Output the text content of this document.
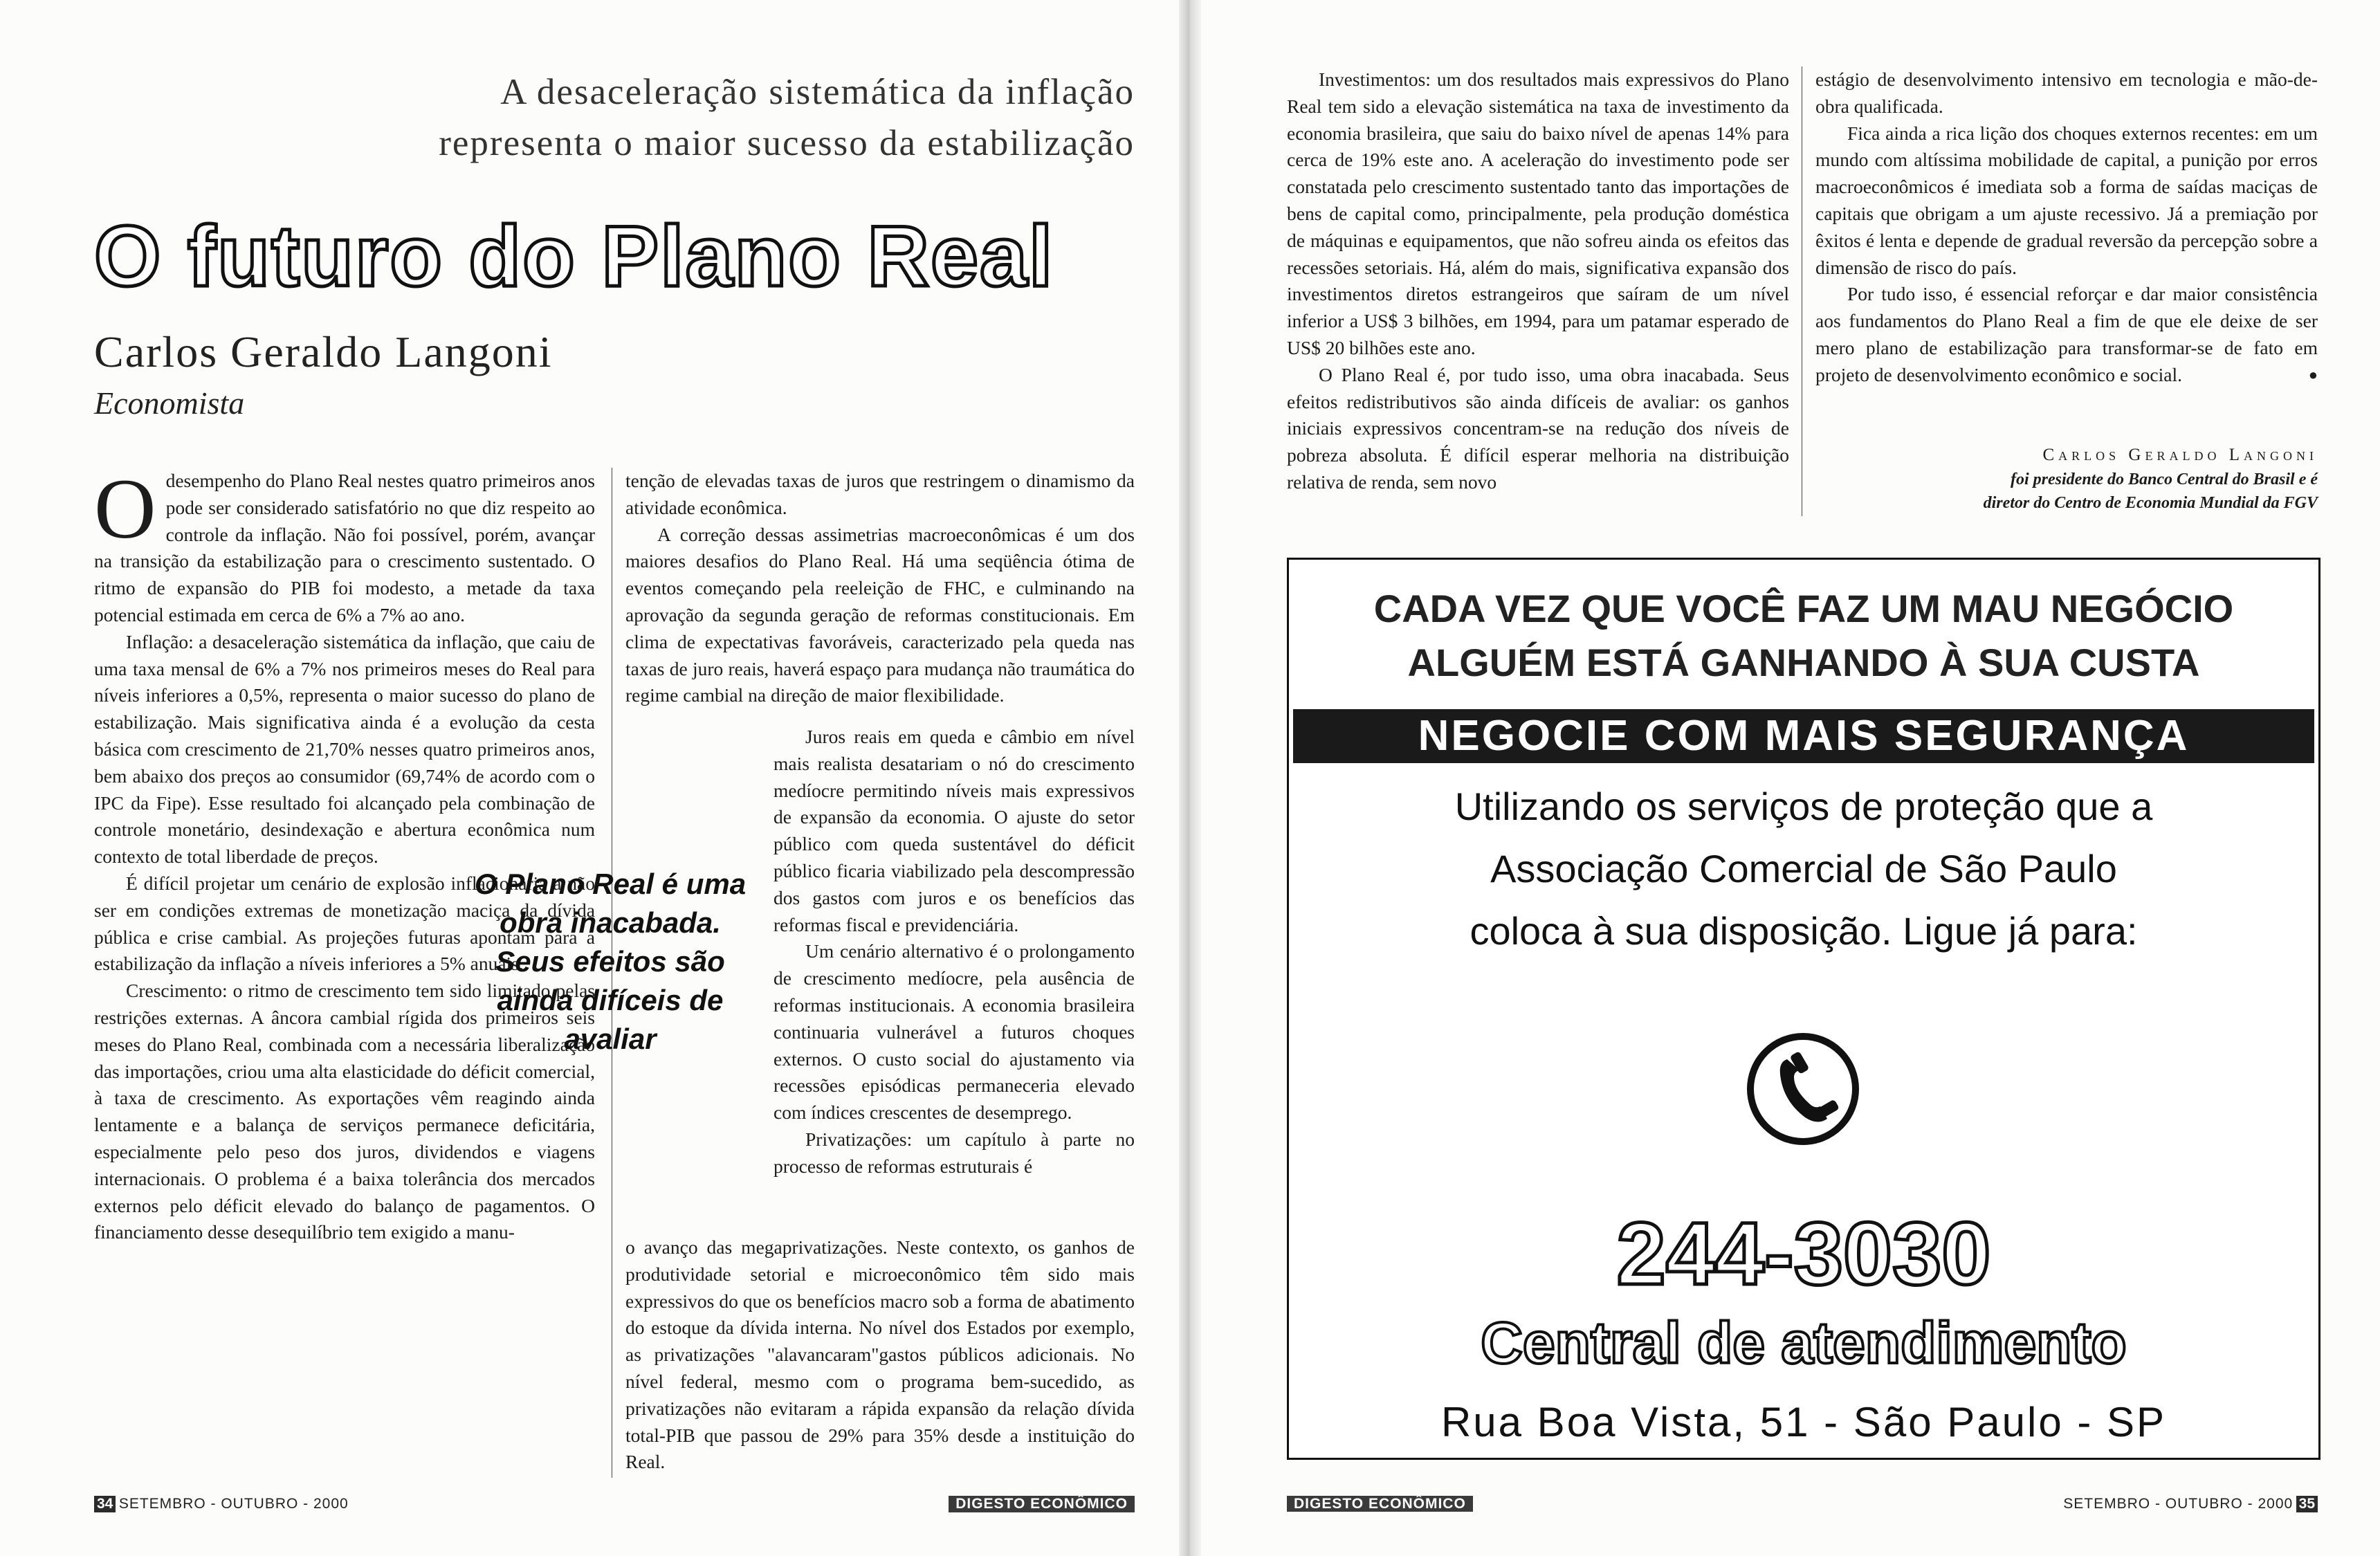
A desaceleração sistemática da inflação
representa o maior sucesso da estabilização
O futuro do Plano Real
Carlos Geraldo Langoni
Economista

Odesempenho do Plano Real nestes quatro primeiros anos pode ser considerado satisfatório no que diz respeito ao controle da inflação. Não foi possível, porém, avançar na transição da estabilização para o crescimento sustentado. O ritmo de expansão do PIB foi modesto, a metade da taxa potencial estimada em cerca de 6% a 7% ao ano.

Inflação: a desaceleração sistemática da inflação, que caiu de uma taxa mensal de 6% a 7% nos primeiros meses do Real para níveis inferiores a 0,5%, representa o maior sucesso do plano de estabilização. Mais significativa ainda é a evolução da cesta básica com crescimento de 21,70% nesses quatro primeiros anos, bem abaixo dos preços ao consumidor (69,74% de acordo com o IPC da Fipe). Esse resultado foi alcançado pela combinação de controle monetário, desindexação e abertura econômica num contexto de total liberdade de preços.

É difícil projetar um cenário de explosão inflacionaria a não ser em condições extremas de monetização maciça da dívida pública e crise cambial. As projeções futuras apontam para a estabilização da inflação a níveis inferiores a 5% anuais.

Crescimento: o ritmo de crescimento tem sido limitado pelas restrições externas. A âncora cambial rígida dos primeiros seis meses do Plano Real, combinada com a necessária liberalização das importações, criou uma alta elasticidade do déficit comercial, à taxa de crescimento. As exportações vêm reagindo ainda lentamente e a balança de serviços permanece deficitária, especialmente pelo peso dos juros, dividendos e viagens internacionais. O problema é a baixa tolerância dos mercados externos pelo déficit elevado do balanço de pagamentos. O financiamento desse desequilíbrio tem exigido a manu-

tenção de elevadas taxas de juros que restringem o dinamismo da atividade econômica.

A correção dessas assimetrias macroeconômicas é um dos maiores desafios do Plano Real. Há uma seqüência ótima de eventos começando pela reeleição de FHC, e culminando na aprovação da segunda geração de reformas constitucionais. Em clima de expectativas favoráveis, caracterizado pela queda nas taxas de juro reais, haverá espaço para mudança não traumática do regime cambial na direção de maior flexibilidade.

O Plano Real é uma obra inacabada. Seus efeitos são ainda difíceis de avaliar

Juros reais em queda e câmbio em nível mais realista desatariam o nó do crescimento medíocre permitindo níveis mais expressivos de expansão da economia. O ajuste do setor público com queda sustentável do déficit público ficaria viabilizado pela descompressão dos gastos com juros e os benefícios das reformas fiscal e previdenciária.

Um cenário alternativo é o prolongamento de crescimento medíocre, pela ausência de reformas institucionais. A economia brasileira continuaria vulnerável a futuros choques externos. O custo social do ajustamento via recessões episódicas permaneceria elevado com índices crescentes de desemprego.

Privatizações: um capítulo à parte no processo de reformas estruturais é

o avanço das megaprivatizações. Neste contexto, os ganhos de produtividade setorial e microeconômico têm sido mais expressivos do que os benefícios macro sob a forma de abatimento do estoque da dívida interna. No nível dos Estados por exemplo, as privatizações "alavancaram"gastos públicos adicionais. No nível federal, mesmo com o programa bem-sucedido, as privatizações não evitaram a rápida expansão da relação dívida total-PIB que passou de 29% para 35% desde a instituição do Real.

34 SETEMBRO - OUTUBRO - 2000	DIGESTO ECONÔMICO

Investimentos: um dos resultados mais expressivos do Plano Real tem sido a elevação sistemática na taxa de investimento da economia brasileira, que saiu do baixo nível de apenas 14% para cerca de 19% este ano. A aceleração do investimento pode ser constatada pelo crescimento sustentado tanto das importações de bens de capital como, principalmente, pela produção doméstica de máquinas e equipamentos, que não sofreu ainda os efeitos das recessões setoriais. Há, além do mais, significativa expansão dos investimentos diretos estrangeiros que saíram de um nível inferior a US$ 3 bilhões, em 1994, para um patamar esperado de US$ 20 bilhões este ano.

O Plano Real é, por tudo isso, uma obra inacabada. Seus efeitos redistributivos são ainda difíceis de avaliar: os ganhos iniciais expressivos concentram-se na redução dos níveis de pobreza absoluta. É difícil esperar melhoria na distribuição relativa de renda, sem novo

estágio de desenvolvimento intensivo em tecnologia e mão-de-obra qualificada.

Fica ainda a rica lição dos choques externos recentes: em um mundo com altíssima mobilidade de capital, a punição por erros macroeconômicos é imediata sob a forma de saídas maciças de capitais que obrigam a um ajuste recessivo. Já a premiação por êxitos é lenta e depende de gradual reversão da percepção sobre a dimensão de risco do país.

Por tudo isso, é essencial reforçar e dar maior consistência aos fundamentos do Plano Real a fim de que ele deixe de ser mero plano de estabilização para transformar-se de fato em projeto de desenvolvimento econômico e social.	●

Carlos Geraldo Langoni
foi presidente do Banco Central do Brasil e é
diretor do Centro de Economia Mundial da FGV
CADA VEZ QUE VOCÊ FAZ UM MAU NEGÓCIO
ALGUÉM ESTÁ GANHANDO À SUA CUSTA
NEGOCIE COM MAIS SEGURANÇA
Utilizando os serviços de proteção que a
Associação Comercial de São Paulo
coloca à sua disposição. Ligue já para:
244-3030
Central de atendimento
Rua Boa Vista, 51 - São Paulo - SP
DIGESTO ECONÔMICO	SETEMBRO - OUTUBRO - 2000 35
